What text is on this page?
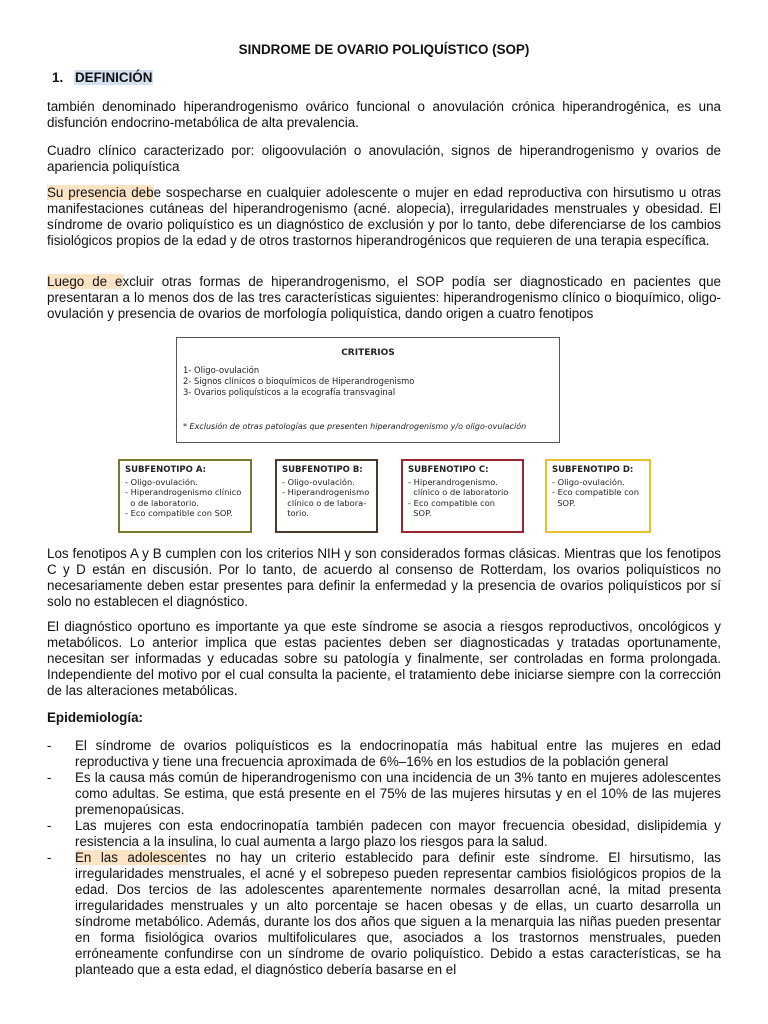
SINDROME DE OVARIO POLIQUÍSTICO (SOP)
1. DEFINICIÓN

también denominado hiperandrogenismo ovárico funcional o anovulación crónica hiperandrogénica, es una disfunción endocrino-metabólica de alta prevalencia.

Cuadro clínico caracterizado por: oligoovulación o anovulación, signos de hiperandrogenismo y ovarios de apariencia poliquística

Su presencia debe sospecharse en cualquier adolescente o mujer en edad reproductiva con hirsutismo u otras manifestaciones cutáneas del hiperandrogenismo (acné. alopecia), irregularidades menstruales y obesidad. El síndrome de ovario poliquístico es un diagnóstico de exclusión y por lo tanto, debe diferenciarse de los cambios fisiológicos propios de la edad y de otros trastornos hiperandrogénicos que requieren de una terapia específica.

Luego de excluir otras formas de hiperandrogenismo, el SOP podía ser diagnosticado en pacientes que presentaran a lo menos dos de las tres características siguientes: hiperandrogenismo clínico o bioquímico, oligo-ovulación y presencia de ovarios de morfología poliquística, dando origen a cuatro fenotipos

CRITERIOS
1- Oligo-ovulación
2- Signos clínicos o bioquímicos de Hiperandrogenismo
3- Ovarios poliquísticos a la ecografía transvaginal
* Exclusión de otras patologías que presenten hiperandrogenismo y/o oligo-ovulación
SUBFENOTIPO A:
- Oligo-ovulación.
- Hiperandrogenismo clínico
o de laboratorio.
- Eco compatible con SOP.
SUBFENOTIPO B:
- Oligo-ovulación.
- Hiperandrogenismo
clínico o de labora-
torio.
SUBFENOTIPO C:
- Hiperandrogenismo.
clínico o de laboratorio
- Eco compatible con
SOP.
SUBFENOTIPO D:
- Oligo-ovulación.
- Eco compatible con
SOP.

Los fenotipos A y B cumplen con los criterios NIH y son considerados formas clásicas. Mientras que los fenotipos C y D están en discusión. Por lo tanto, de acuerdo al consenso de Rotterdam, los ovarios poliquísticos no necesariamente deben estar presentes para definir la enfermedad y la presencia de ovarios poliquísticos por sí solo no establecen el diagnóstico.

El diagnóstico oportuno es importante ya que este síndrome se asocia a riesgos reproductivos, oncológicos y metabólicos. Lo anterior implica que estas pacientes deben ser diagnosticadas y tratadas oportunamente, necesitan ser informadas y educadas sobre su patología y finalmente, ser controladas en forma prolongada. Independiente del motivo por el cual consulta la paciente, el tratamiento debe iniciarse siempre con la corrección de las alteraciones metabólicas.

Epidemiología:
- El síndrome de ovarios poliquísticos es la endocrinopatía más habitual entre las mujeres en edad reproductiva y tiene una frecuencia aproximada de 6%–16% en los estudios de la población general
- Es la causa más común de hiperandrogenismo con una incidencia de un 3% tanto en mujeres adolescentes como adultas. Se estima, que está presente en el 75% de las mujeres hirsutas y en el 10% de las mujeres premenopaúsicas.
- Las mujeres con esta endocrinopatía también padecen con mayor frecuencia obesidad, dislipidemia y resistencia a la insulina, lo cual aumenta a largo plazo los riesgos para la salud.
- En las adolescentes no hay un criterio establecido para definir este síndrome. El hirsutismo, las irregularidades menstruales, el acné y el sobrepeso pueden representar cambios fisiológicos propios de la edad. Dos tercios de las adolescentes aparentemente normales desarrollan acné, la mitad presenta irregularidades menstruales y un alto porcentaje se hacen obesas y de ellas, un cuarto desarrolla un síndrome metabólico. Además, durante los dos años que siguen a la menarquia las niñas pueden presentar en forma fisiológica ovarios multifoliculares que, asociados a los trastornos menstruales, pueden erróneamente confundirse con un síndrome de ovario poliquístico. Debido a estas características, se ha planteado que a esta edad, el diagnóstico debería basarse en el
